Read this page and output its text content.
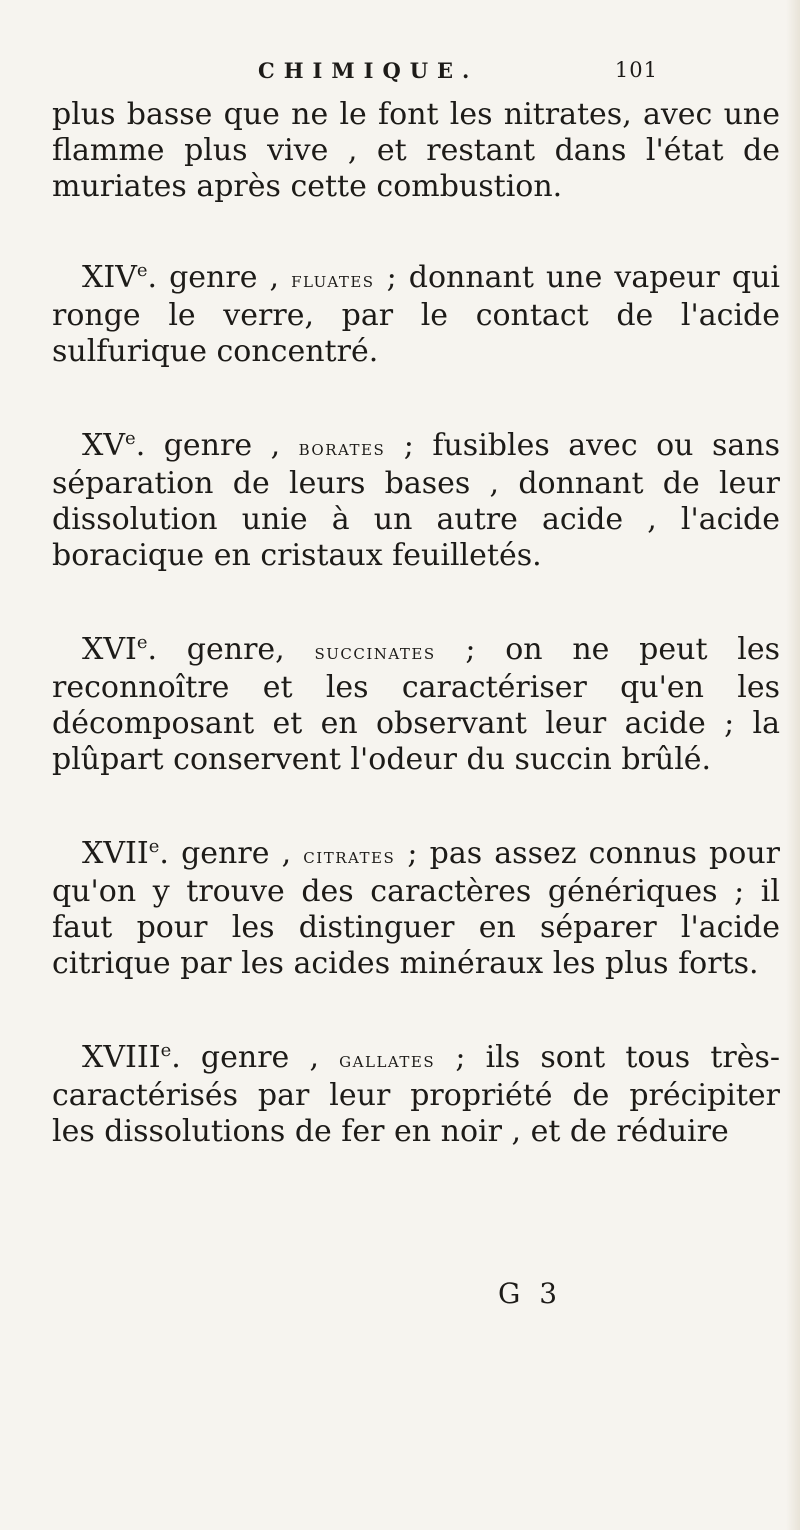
CHIMIQUE.	101

plus basse que ne le font les nitrates, avec une flamme plus vive , et restant dans l'état de muriates après cette combustion.

XIVe. genre , fluates ; donnant une vapeur qui ronge le verre, par le contact de l'acide sulfurique concentré.

XVe. genre , borates ; fusibles avec ou sans séparation de leurs bases , donnant de leur dissolution unie à un autre acide , l'acide boracique en cristaux feuilletés.

XVIe. genre, succinates ; on ne peut les reconnoître et les caractériser qu'en les décomposant et en observant leur acide ; la plûpart conservent l'odeur du succin brûlé.

XVIIe. genre , citrates ; pas assez connus pour qu'on y trouve des caractères génériques ; il faut pour les distinguer en séparer l'acide citrique par les acides minéraux les plus forts.

XVIIIe. genre , gallates ; ils sont tous très-caractérisés par leur propriété de précipiter les dissolutions de fer en noir , et de réduire

G 3
